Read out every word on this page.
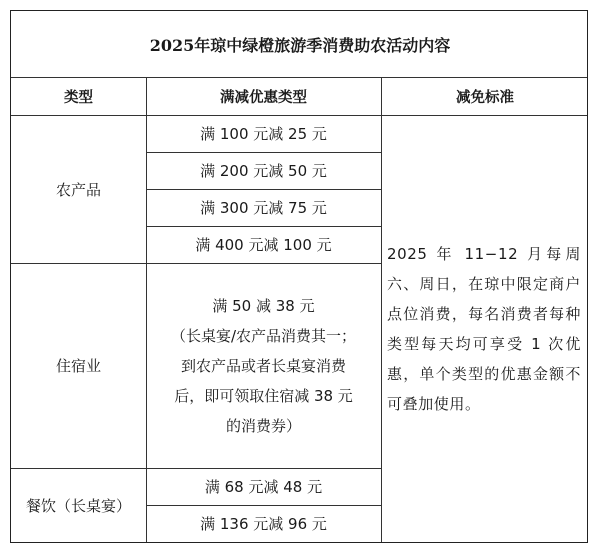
2025年琼中绿橙旅游季消费助农活动内容
类型	满减优惠类型	减免标准
农产品
住宿业
餐饮（长桌宴）
满 100 元减 25 元
满 200 元减 50 元
满 300 元减 75 元
满 400 元减 100 元
满 50 减 38 元
（长桌宴/农产品消费其一；
到农产品或者长桌宴消费
后，即可领取住宿减 38 元
的消费券）
满 68 元减 48 元
满 136 元减 96 元
2025 年 11−12 月每周六、周日，在琼中限定商户点位消费，每名消费者每种类型每天均可享受 1 次优惠，单个类型的优惠金额不可叠加使用。
